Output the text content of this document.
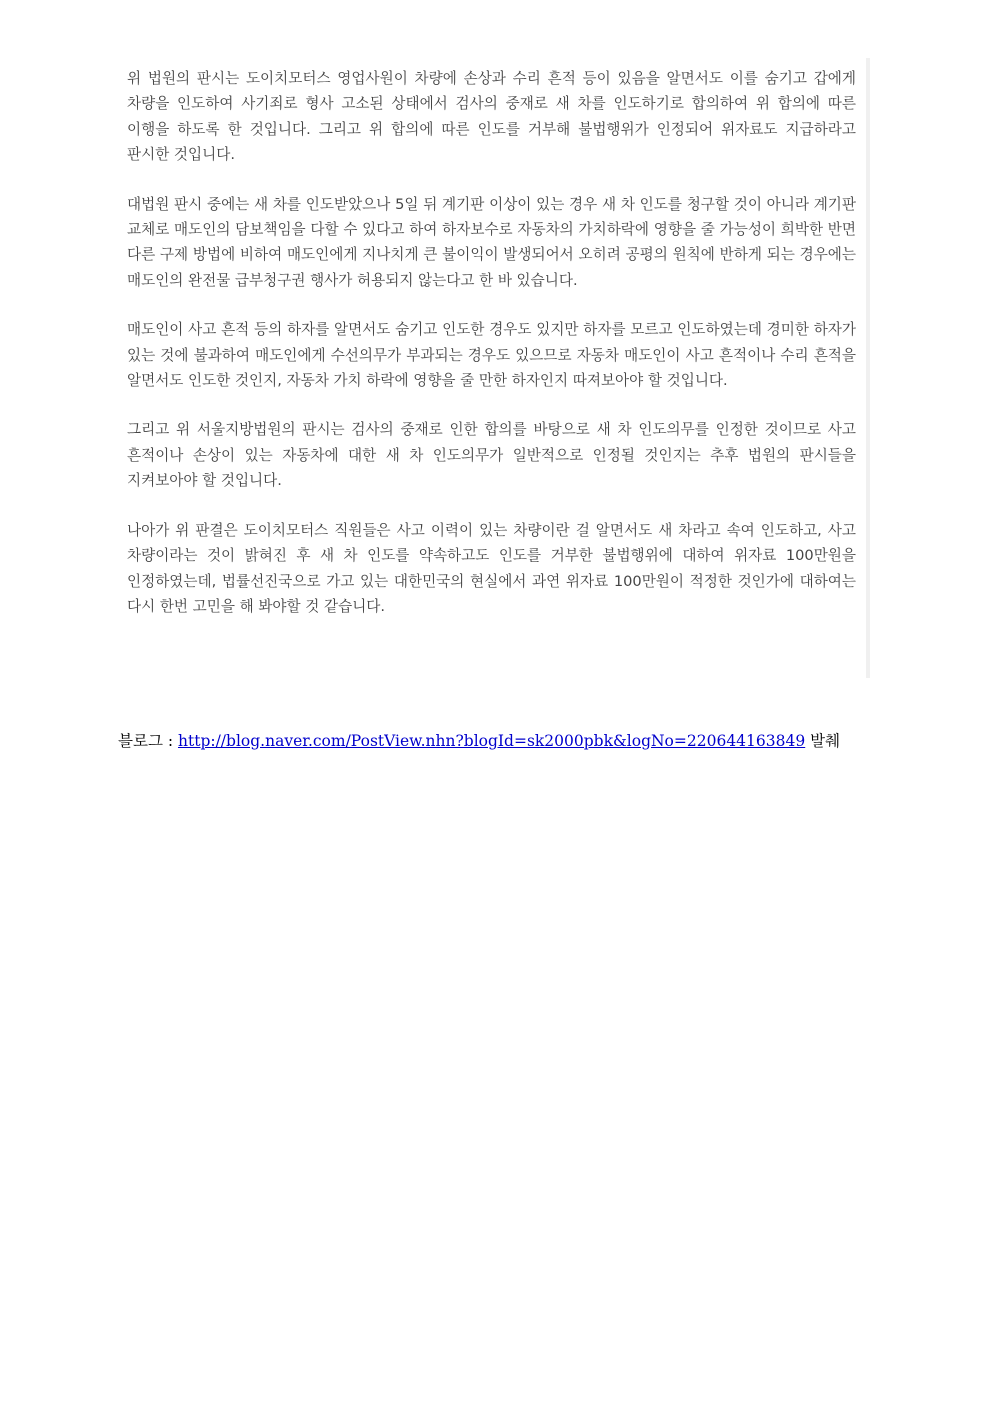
위 법원의 판시는 도이치모터스 영업사원이 차량에 손상과 수리 흔적 등이 있음을 알면서도 이를 숨기고 갑에게 차량을 인도하여 사기죄로 형사 고소된 상태에서 검사의 중재로 새 차를 인도하기로 합의하여 위 합의에 따른 이행을 하도록 한 것입니다. 그리고 위 합의에 따른 인도를 거부해 불법행위가 인정되어 위자료도 지급하라고 판시한 것입니다.

대법원 판시 중에는 새 차를 인도받았으나 5일 뒤 계기판 이상이 있는 경우 새 차 인도를 청구할 것이 아니라 계기판 교체로 매도인의 담보책임을 다할 수 있다고 하여 하자보수로 자동차의 가치하락에 영향을 줄 가능성이 희박한 반면 다른 구제 방법에 비하여 매도인에게 지나치게 큰 불이익이 발생되어서 오히려 공평의 원칙에 반하게 되는 경우에는 매도인의 완전물 급부청구권 행사가 허용되지 않는다고 한 바 있습니다.

매도인이 사고 흔적 등의 하자를 알면서도 숨기고 인도한 경우도 있지만 하자를 모르고 인도하였는데 경미한 하자가 있는 것에 불과하여 매도인에게 수선의무가 부과되는 경우도 있으므로 자동차 매도인이 사고 흔적이나 수리 흔적을 알면서도 인도한 것인지, 자동차 가치 하락에 영향을 줄 만한 하자인지 따져보아야 할 것입니다.

그리고 위 서울지방법원의 판시는 검사의 중재로 인한 합의를 바탕으로 새 차 인도의무를 인정한 것이므로 사고 흔적이나 손상이 있는 자동차에 대한 새 차 인도의무가 일반적으로 인정될 것인지는 추후 법원의 판시들을 지켜보아야 할 것입니다.

나아가 위 판결은 도이치모터스 직원들은 사고 이력이 있는 차량이란 걸 알면서도 새 차라고 속여 인도하고, 사고 차량이라는 것이 밝혀진 후 새 차 인도를 약속하고도 인도를 거부한 불법행위에 대하여 위자료 100만원을 인정하였는데, 법률선진국으로 가고 있는 대한민국의 현실에서 과연 위자료 100만원이 적정한 것인가에 대하여는 다시 한번 고민을 해 봐야할 것 같습니다.

블로그 : http://blog.naver.com/PostView.nhn?blogId=sk2000pbk&logNo=220644163849 발췌
